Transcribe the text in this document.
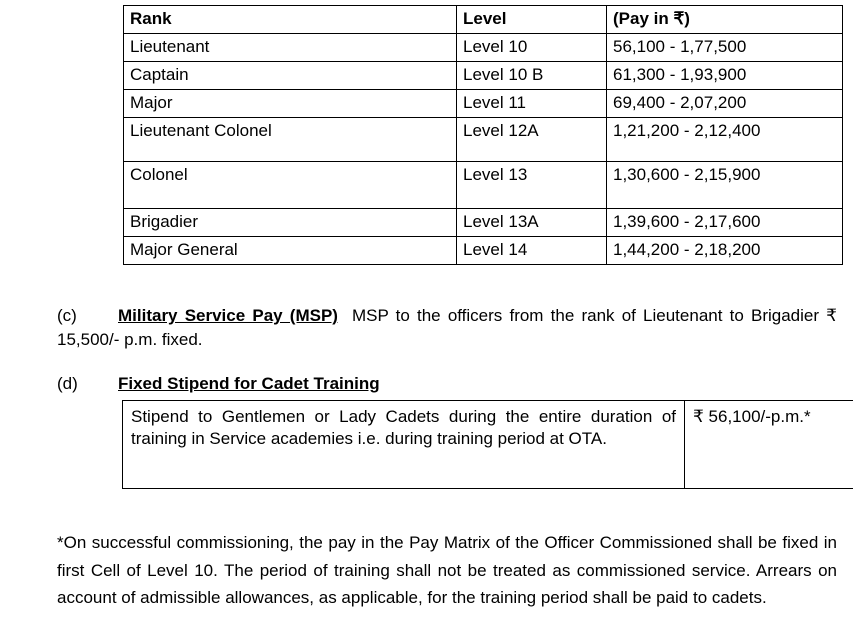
Rank	Level	(Pay in ₹)
Lieutenant	Level 10	56,100 - 1,77,500
Captain	Level 10 B	61,300 - 1,93,900
Major	Level 11	69,400 - 2,07,200
Lieutenant Colonel	Level 12A	1,21,200 - 2,12,400
Colonel	Level 13	1,30,600 - 2,15,900
Brigadier	Level 13A	1,39,600 - 2,17,600
Major General	Level 14	1,44,200 - 2,18,200

(c) Military Service Pay (MSP) MSP to the officers from the rank of Lieutenant to Brigadier ₹ 15,500/- p.m. fixed.

(d) Fixed Stipend for Cadet Training

Stipend to Gentlemen or Lady Cadets during the entire duration of training in Service academies i.e. during training period at OTA.	₹ 56,100/-p.m.*

*On successful commissioning, the pay in the Pay Matrix of the Officer Commissioned shall be fixed in first Cell of Level 10. The period of training shall not be treated as commissioned service. Arrears on account of admissible allowances, as applicable, for the training period shall be paid to cadets.
